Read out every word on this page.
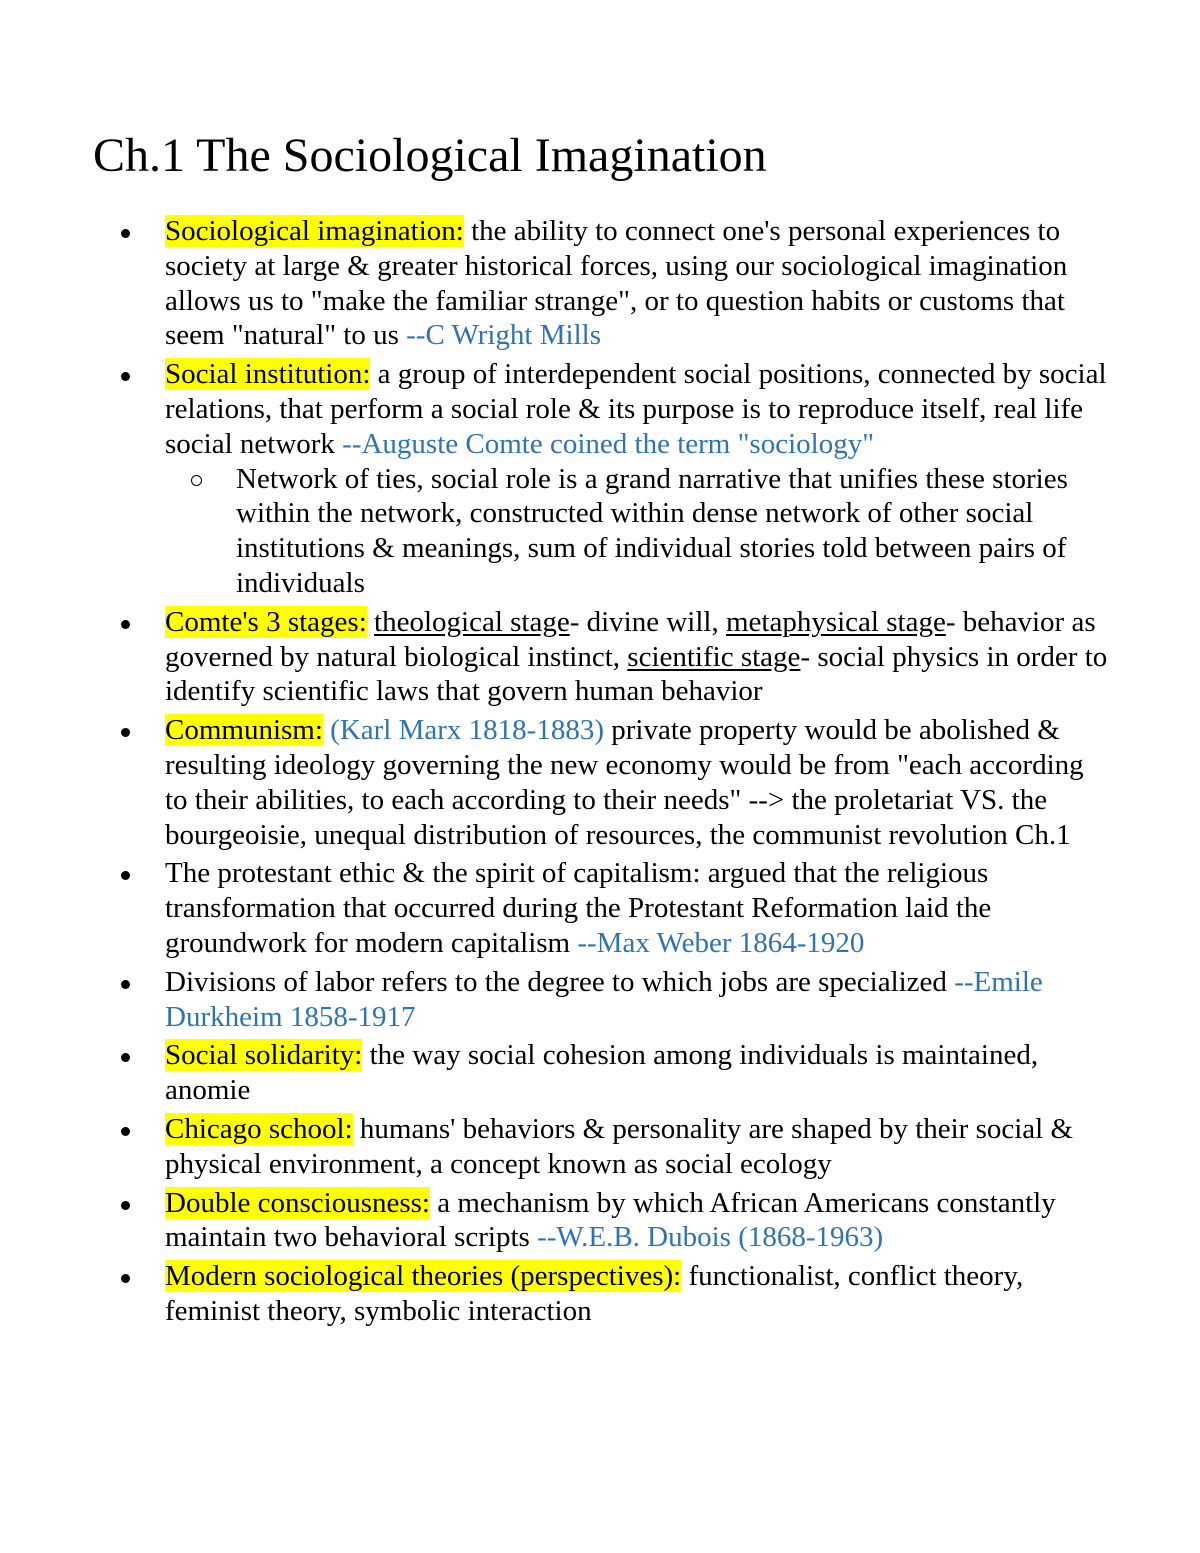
Ch.1 The Sociological Imagination
Sociological imagination: the ability to connect one's personal experiences to society at large & greater historical forces, using our sociological imagination allows us to "make the familiar strange", or to question habits or customs that seem "natural" to us --C Wright Mills
Social institution: a group of interdependent social positions, connected by social relations, that perform a social role & its purpose is to reproduce itself, real life social network --Auguste Comte coined the term "sociology"
Network of ties, social role is a grand narrative that unifies these stories within the network, constructed within dense network of other social institutions & meanings, sum of individual stories told between pairs of individuals
Comte's 3 stages: theological stage- divine will, metaphysical stage- behavior as governed by natural biological instinct, scientific stage- social physics in order to identify scientific laws that govern human behavior
Communism: (Karl Marx 1818-1883) private property would be abolished & resulting ideology governing the new economy would be from "each according to their abilities, to each according to their needs" --> the proletariat VS. the bourgeoisie, unequal distribution of resources, the communist revolution Ch.1
The protestant ethic & the spirit of capitalism: argued that the religious transformation that occurred during the Protestant Reformation laid the groundwork for modern capitalism --Max Weber 1864-1920
Divisions of labor refers to the degree to which jobs are specialized --Emile Durkheim 1858-1917
Social solidarity: the way social cohesion among individuals is maintained, anomie
Chicago school: humans' behaviors & personality are shaped by their social & physical environment, a concept known as social ecology
Double consciousness: a mechanism by which African Americans constantly maintain two behavioral scripts --W.E.B. Dubois (1868-1963)
Modern sociological theories (perspectives): functionalist, conflict theory, feminist theory, symbolic interaction
